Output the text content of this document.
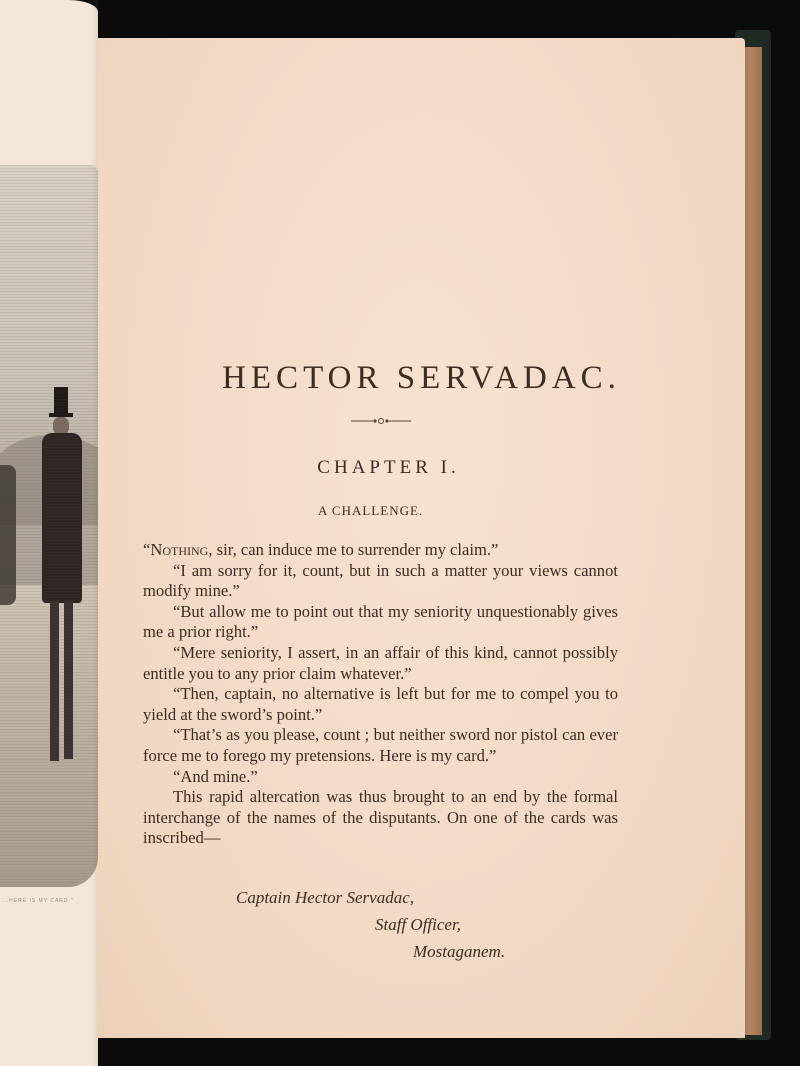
...HERE IS MY CARD."
HECTOR SERVADAC.
CHAPTER I.
A CHALLENGE.

“Nothing, sir, can induce me to surrender my claim.”

“I am sorry for it, count, but in such a matter your views cannot modify mine.”

“But allow me to point out that my seniority unquestionably gives me a prior right.”

“Mere seniority, I assert, in an affair of this kind, cannot possibly entitle you to any prior claim whatever.”

“Then, captain, no alternative is left but for me to compel you to yield at the sword’s point.”

“That’s as you please, count ; but neither sword nor pistol can ever force me to forego my pretensions. Here is my card.”

“And mine.”

This rapid altercation was thus brought to an end by the formal interchange of the names of the disputants. On one of the cards was inscribed—

Captain Hector Servadac,
Staff Officer,
Mostaganem.
